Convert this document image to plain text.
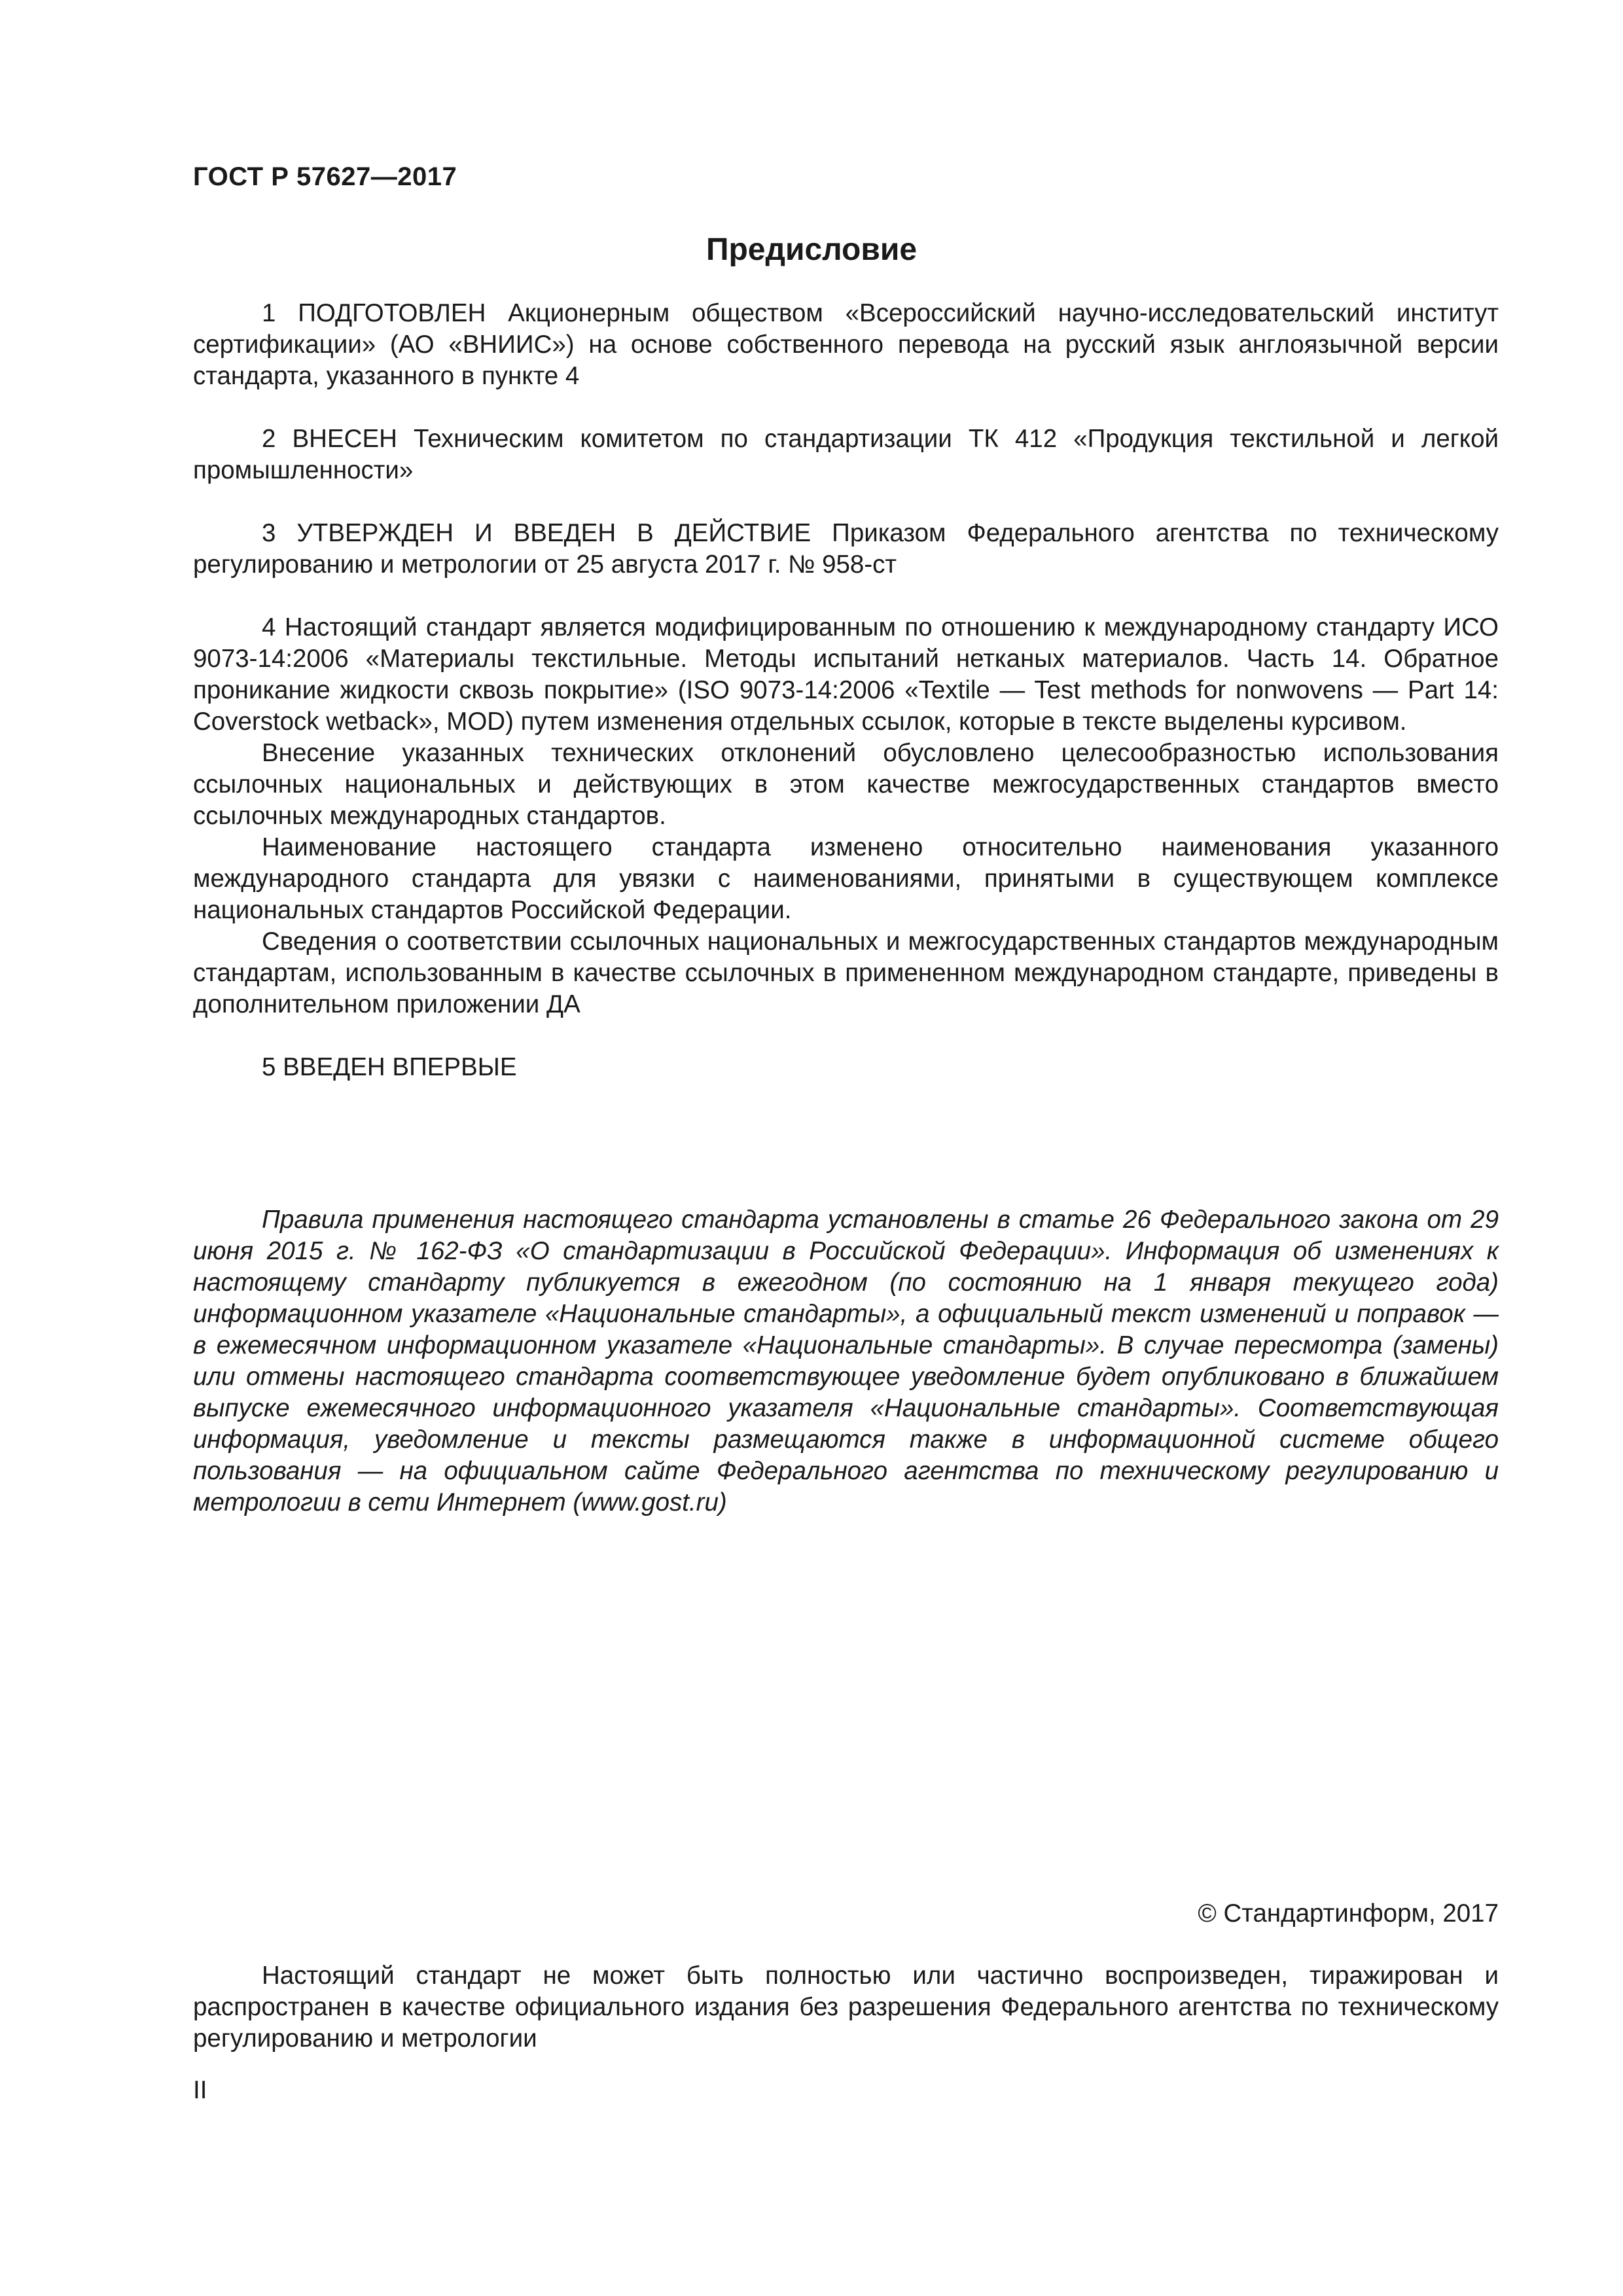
ГОСТ Р 57627—2017
Предисловие

1 ПОДГОТОВЛЕН Акционерным обществом «Всероссийский научно-исследовательский институт сертификации» (АО «ВНИИС») на основе собственного перевода на русский язык англоязычной версии стандарта, указанного в пункте 4

2 ВНЕСЕН Техническим комитетом по стандартизации ТК 412 «Продукция текстильной и легкой промышленности»

3 УТВЕРЖДЕН И ВВЕДЕН В ДЕЙСТВИЕ Приказом Федерального агентства по техническому регулированию и метрологии от 25 августа 2017 г. № 958-ст

4 Настоящий стандарт является модифицированным по отношению к международному стандарту ИСО 9073-14:2006 «Материалы текстильные. Методы испытаний нетканых материалов. Часть 14. Обратное проникание жидкости сквозь покрытие» (ISO 9073-14:2006 «Textile — Test methods for nonwovens — Part 14: Coverstock wetback», MOD) путем изменения отдельных ссылок, которые в тексте выделены курсивом.

Внесение указанных технических отклонений обусловлено целесообразностью использования ссылочных национальных и действующих в этом качестве межгосударственных стандартов вместо ссылочных международных стандартов.

Наименование настоящего стандарта изменено относительно наименования указанного международного стандарта для увязки с наименованиями, принятыми в существующем комплексе национальных стандартов Российской Федерации.

Сведения о соответствии ссылочных национальных и межгосударственных стандартов международным стандартам, использованным в качестве ссылочных в примененном международном стандарте, приведены в дополнительном приложении ДА

5 ВВЕДЕН ВПЕРВЫЕ

Правила применения настоящего стандарта установлены в статье 26 Федерального закона от 29 июня 2015 г. № 162-ФЗ «О стандартизации в Российской Федерации». Информация об изменениях к настоящему стандарту публикуется в ежегодном (по состоянию на 1 января текущего года) информационном указателе «Национальные стандарты», а официальный текст изменений и поправок — в ежемесячном информационном указателе «Национальные стандарты». В случае пересмотра (замены) или отмены настоящего стандарта соответствующее уведомление будет опубликовано в ближайшем выпуске ежемесячного информационного указателя «Национальные стандарты». Соответствующая информация, уведомление и тексты размещаются также в информационной системе общего пользования — на официальном сайте Федерального агентства по техническому регулированию и метрологии в сети Интернет (www.gost.ru)
© Стандартинформ, 2017
Настоящий стандарт не может быть полностью или частично воспроизведен, тиражирован и распространен в качестве официального издания без разрешения Федерального агентства по техническому регулированию и метрологии
II
